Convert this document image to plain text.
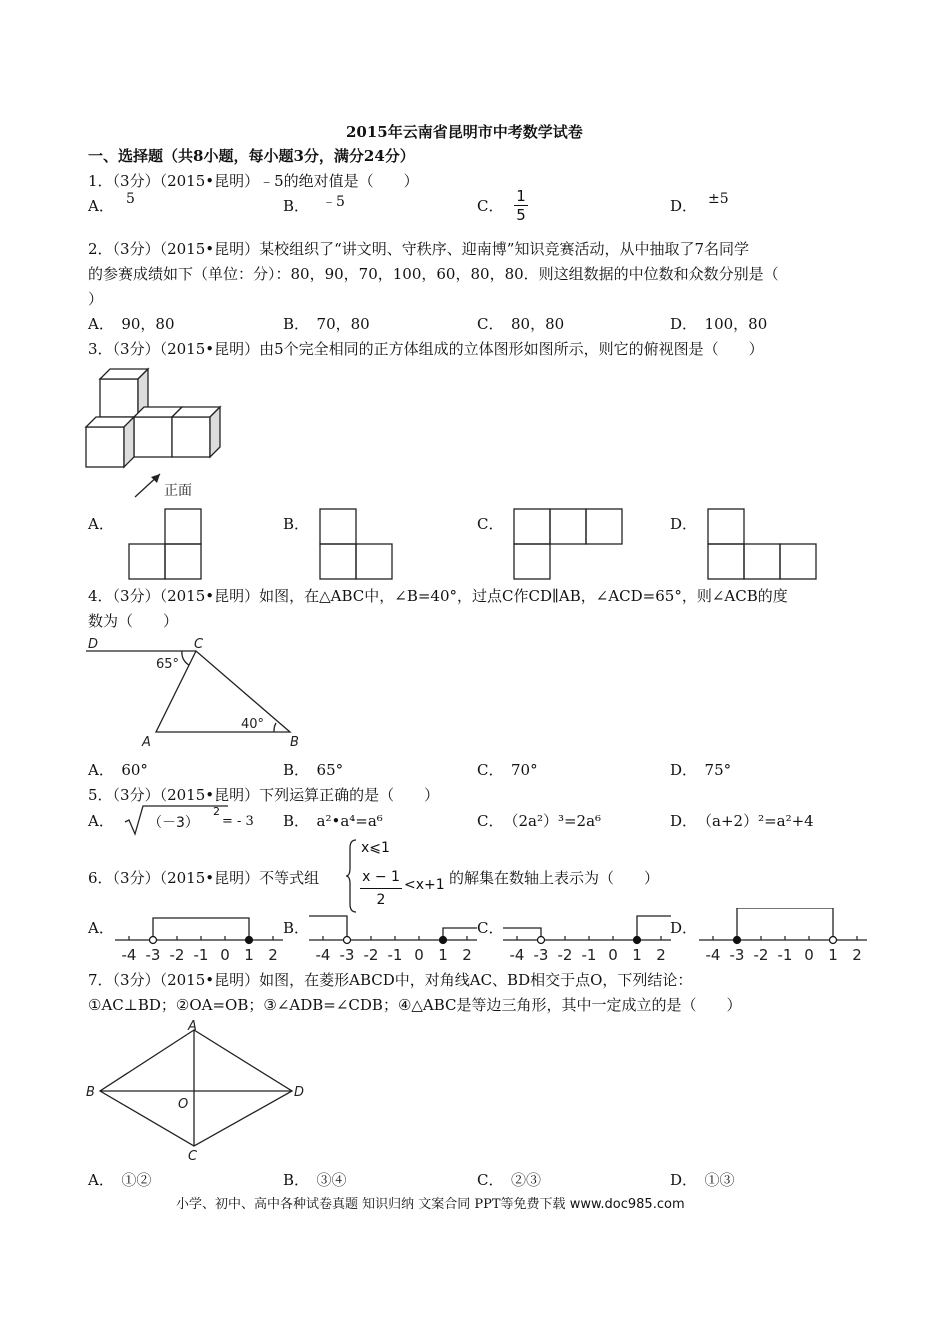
2015年云南省昆明市中考数学试卷
一、选择题（共8小题，每小题3分，满分24分）
1．（3分）（2015•昆明）﹣5的绝对值是（　　）
A． 5	B． ﹣5	C． $\frac{1}{5}$	D． ±5
2．（3分）（2015•昆明）某校组织了“讲文明、守秩序、迎南博”知识竞赛活动，从中抽取了7名同学
的参赛成绩如下（单位：分）：80，90，70，100，60，80，80．则这组数据的中位数和众数分别是（
）
A．　90，80	B．　70，80	C．　80，80	D．　100，80
3．（3分）（2015•昆明）由5个完全相同的正方体组成的立体图形如图所示，则它的俯视图是（　　）
正面
A．	B．	C．	D．
4．（3分）（2015•昆明）如图，在△ABC中，∠B=40°，过点C作CD∥AB，∠ACD=65°，则∠ACB的度
数为（　　）
D	C
A	B
65°
40°
A．　60°	B．　65°	C．　70°	D．　75°
5．（3分）（2015•昆明）下列运算正确的是（　　）
A． （－3）
2
= - 3 B．　a²•a⁴=a⁶	C．　（2a²）³=2a⁶	D．　（a+2）²=a²+4
6．（3分）（2015•昆明）不等式组
x⩽1
$\frac{x - 1}{2} <x+1$ 的解集在数轴上表示为（　　）
A．
-4 -3 -2 -1 0 1 2
B．
-4 -3 -2 -1 0 1 2
C．
-4 -3 -2 -1 0 1 2
D．
-4 -3 -2 -1 0 1 2
7．（3分）（2015•昆明）如图，在菱形ABCD中，对角线AC、BD相交于点O，下列结论：
①AC⊥BD；②OA=OB；③∠ADB=∠CDB；④△ABC是等边三角形，其中一定成立的是（　　）
A
B
C
D
O
A．　①②	B．　③④	C．　②③	D．　①③
小学、初中、高中各种试卷真题 知识归纳 文案合同 PPT等免费下载 www.doc985.com
